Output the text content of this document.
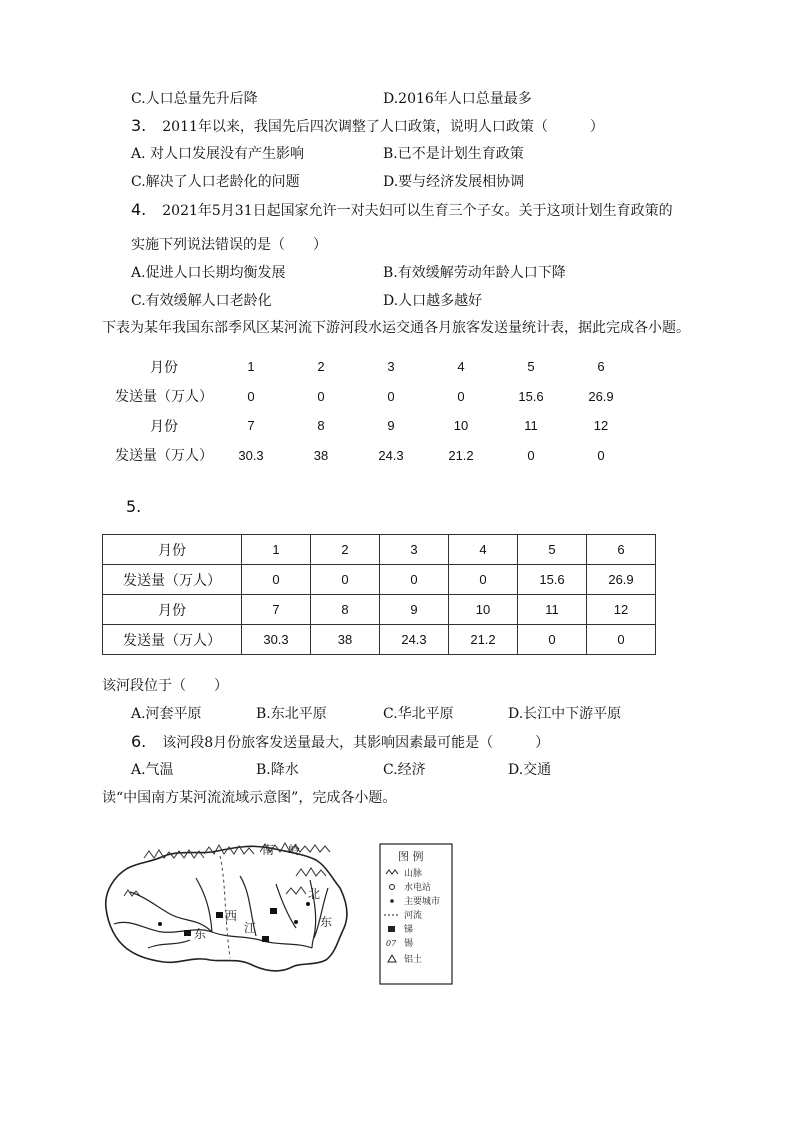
C.人口总量先升后降	D.2016年人口总量最多
3. 2011年以来，我国先后四次调整了人口政策，说明人口政策（　　　）
A. 对人口发展没有产生影响	B.已不是计划生育政策
C.解决了人口老龄化的问题	D.要与经济发展相协调
4. 2021年5月31日起国家允许一对夫妇可以生育三个子女。关于这项计划生育政策的
实施下列说法错误的是（　　）
A.促进人口长期均衡发展	B.有效缓解劳动年龄人口下降
C.有效缓解人口老龄化	D.人口越多越好
下表为某年我国东部季风区某河流下游河段水运交通各月旅客发送量统计表，据此完成各小题。
月份	1	2	3	4	5	6
发送量（万人）	0	0	0	0	15.6	26.9
月份	7	8	9	10	11	12
发送量（万人）	30.3	38	24.3	21.2	0	0
5.
月份	1	2	3	4	5	6
发送量（万人）	0	0	0	0	15.6	26.9
月份	7	8	9	10	11	12
发送量（万人）	30.3	38	24.3	21.2	0	0
该河段位于（　　）
A.河套平原	B.东北平原	C.华北平原	D.长江中下游平原
6. 该河段8月份旅客发送量最大，其影响因素最可能是（　　　）
A.气温	B.降水	C.经济	D.交通
读“中国南方某河流流域示意图”，完成各小题。
南 岭
西
江
北
东
东
图 例
山脉
水电站
主要城市
河流
锑
07 锡
铝土
